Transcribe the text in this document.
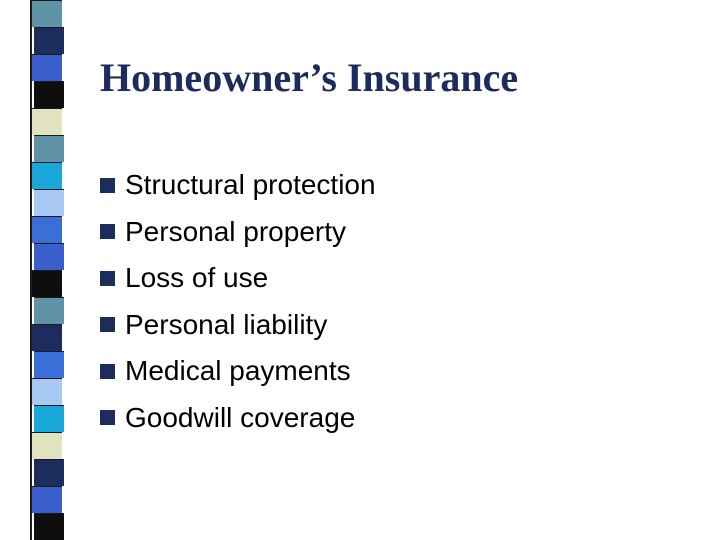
Homeowner’s Insurance
Structural protection
Personal property
Loss of use
Personal liability
Medical payments
Goodwill coverage
